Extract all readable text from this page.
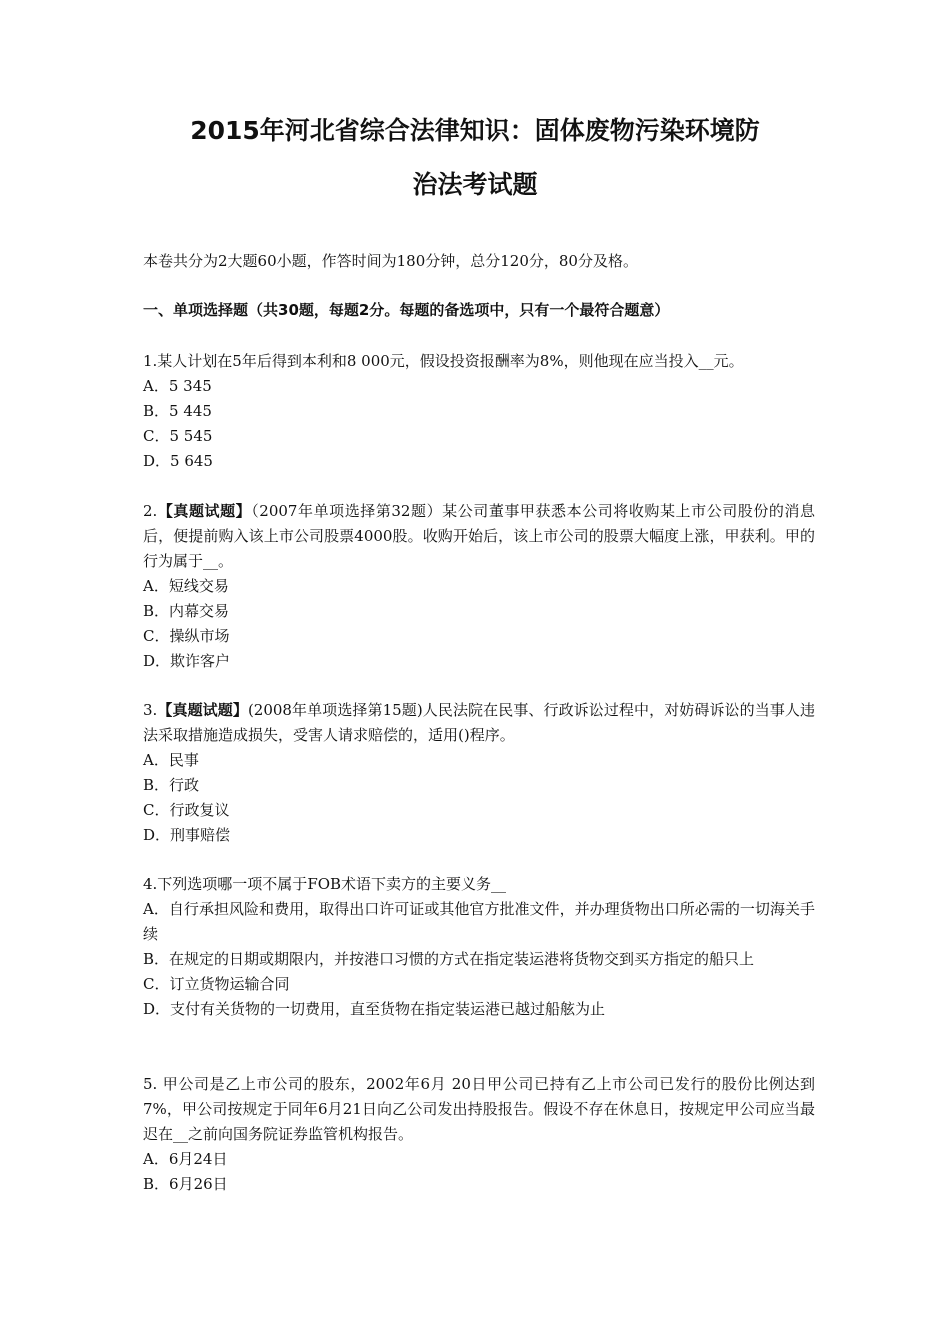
2015年河北省综合法律知识：固体废物污染环境防
治法考试题
本卷共分为2大题60小题，作答时间为180分钟，总分120分，80分及格。
一、单项选择题（共30题，每题2分。每题的备选项中，只有一个最符合题意）
1.某人计划在5年后得到本利和8 000元，假设投资报酬率为8%，则他现在应当投入__元。
A．5 345
B．5 445
C．5 545
D．5 645
2.【真题试题】（2007年单项选择第32题）某公司董事甲获悉本公司将收购某上市公司股份的消息后，便提前购入该上市公司股票4000股。收购开始后，该上市公司的股票大幅度上涨，甲获利。甲的行为属于__。
A．短线交易
B．内幕交易
C．操纵市场
D．欺诈客户
3.【真题试题】(2008年单项选择第15题)人民法院在民事、行政诉讼过程中，对妨碍诉讼的当事人违法采取措施造成损失，受害人请求赔偿的，适用()程序。
A．民事
B．行政
C．行政复议
D．刑事赔偿
4.下列选项哪一项不属于FOB术语下卖方的主要义务__
A．自行承担风险和费用，取得出口许可证或其他官方批准文件，并办理货物出口所必需的一切海关手续
B．在规定的日期或期限内，并按港口习惯的方式在指定装运港将货物交到买方指定的船只上
C．订立货物运输合同
D．支付有关货物的一切费用，直至货物在指定装运港已越过船舷为止
5. 甲公司是乙上市公司的股东，2002年6月 20日甲公司已持有乙上市公司已发行的股份比例达到7%，甲公司按规定于同年6月21日向乙公司发出持股报告。假设不存在休息日，按规定甲公司应当最迟在__之前向国务院证券监管机构报告。
A．6月24日
B．6月26日
